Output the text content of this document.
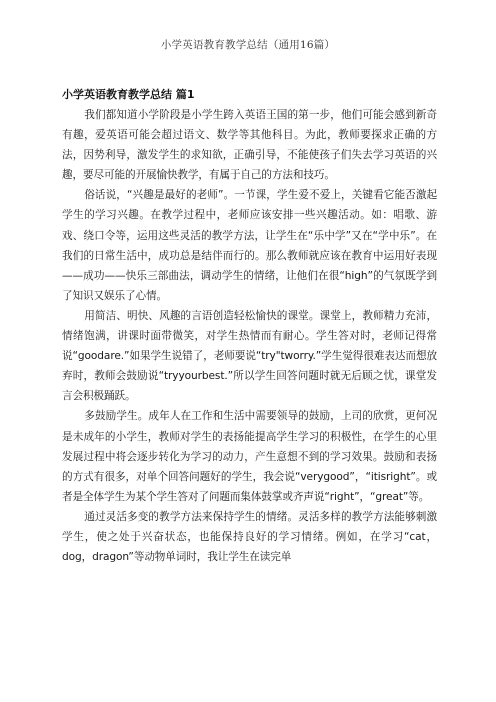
小学英语教育教学总结（通用16篇）
小学英语教育教学总结 篇1

我们都知道小学阶段是小学生跨入英语王国的第一步，他们可能会感到新奇有趣，爱英语可能会超过语文、数学等其他科目。为此，教师要探求正确的方法，因势利导，激发学生的求知欲，正确引导，不能使孩子们失去学习英语的兴趣，要尽可能的开展愉快教学，有属于自己的方法和技巧。

俗话说，“兴趣是最好的老师”。一节课，学生爱不爱上，关键看它能否激起学生的学习兴趣。在教学过程中，老师应该安排一些兴趣活动。如：唱歌、游戏、绕口令等，运用这些灵活的教学方法，让学生在“乐中学”又在“学中乐”。在我们的日常生活中，成功总是结伴而行的。那么教师就应该在教育中运用好表现——成功——快乐三部曲法，调动学生的情绪，让他们在很“high”的气氛既学到了知识又娱乐了心情。

用简洁、明快、风趣的言语创造轻松愉快的课堂。课堂上，教师精力充沛，情绪饱满，讲课时面带微笑，对学生热情而有耐心。学生答对时，老师记得常说“goodare.”如果学生说错了，老师要说“try"tworry.”学生觉得很难表达而想放弃时，教师会鼓励说“tryyourbest.”所以学生回答问题时就无后顾之忧，课堂发言会积极踊跃。

多鼓励学生。成年人在工作和生活中需要领导的鼓励，上司的欣赏，更何况是未成年的小学生，教师对学生的表扬能提高学生学习的积极性，在学生的心里发展过程中将会逐步转化为学习的动力，产生意想不到的学习效果。鼓励和表扬的方式有很多，对单个回答问题好的学生，我会说“verygood”，“itisright”。或者是全体学生为某个学生答对了问题而集体鼓掌或齐声说“right”，“great”等。

通过灵活多变的教学方法来保持学生的情绪。灵活多样的教学方法能够刺激学生，使之处于兴奋状态，也能保持良好的学习情绪。例如，在学习“cat，dog，dragon”等动物单词时，我让学生在读完单
